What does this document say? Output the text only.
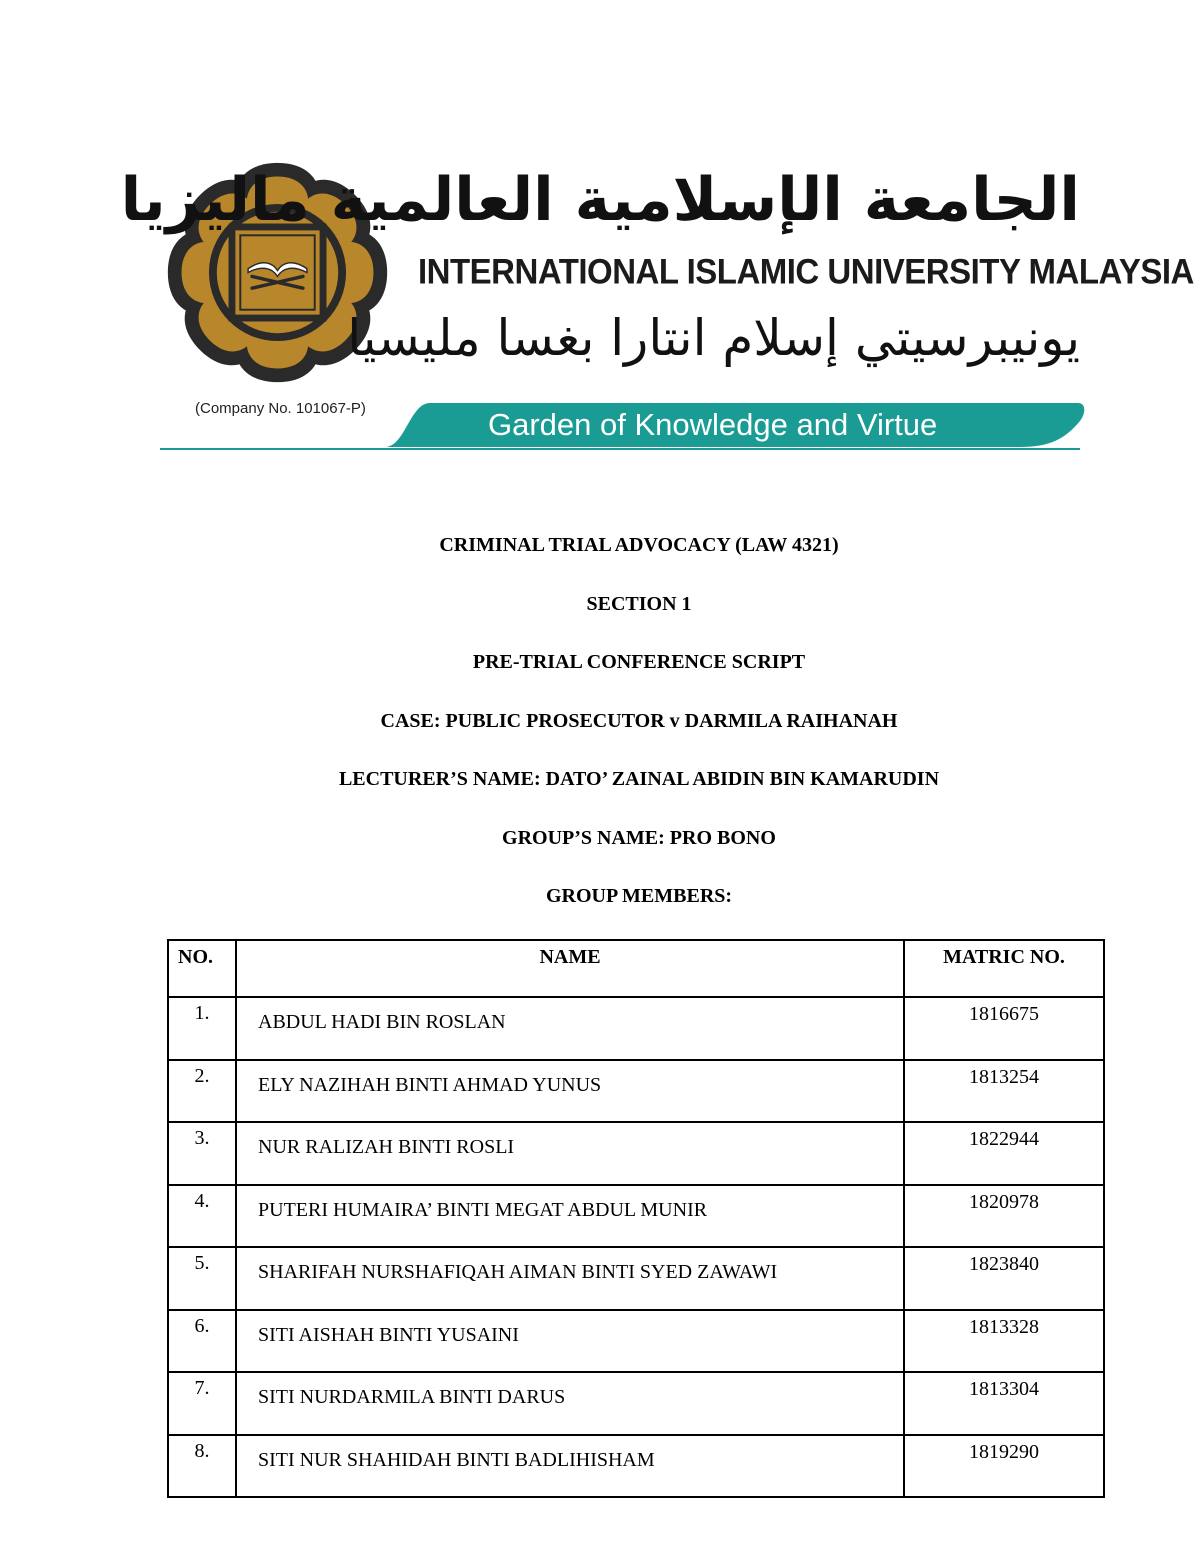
الجامعة الإسلامية العالمية ماليزيا
INTERNATIONAL ISLAMIC UNIVERSITY MALAYSIA
يونيبرسيتي إسلام انتارا بغسا مليسيا
(Company No. 101067-P)	Garden of Knowledge and Virtue
CRIMINAL TRIAL ADVOCACY (LAW 4321)
SECTION 1
PRE-TRIAL CONFERENCE SCRIPT
CASE: PUBLIC PROSECUTOR v DARMILA RAIHANAH
LECTURER’S NAME: DATO’ ZAINAL ABIDIN BIN KAMARUDIN
GROUP’S NAME: PRO BONO
GROUP MEMBERS:
NO.	NAME	MATRIC NO.
1.	ABDUL HADI BIN ROSLAN	1816675
2.	ELY NAZIHAH BINTI AHMAD YUNUS	1813254
3.	NUR RALIZAH BINTI ROSLI	1822944
4.	PUTERI HUMAIRA’ BINTI MEGAT ABDUL MUNIR	1820978
5.	SHARIFAH NURSHAFIQAH AIMAN BINTI SYED ZAWAWI	1823840
6.	SITI AISHAH BINTI YUSAINI	1813328
7.	SITI NURDARMILA BINTI DARUS	1813304
8.	SITI NUR SHAHIDAH BINTI BADLIHISHAM	1819290
